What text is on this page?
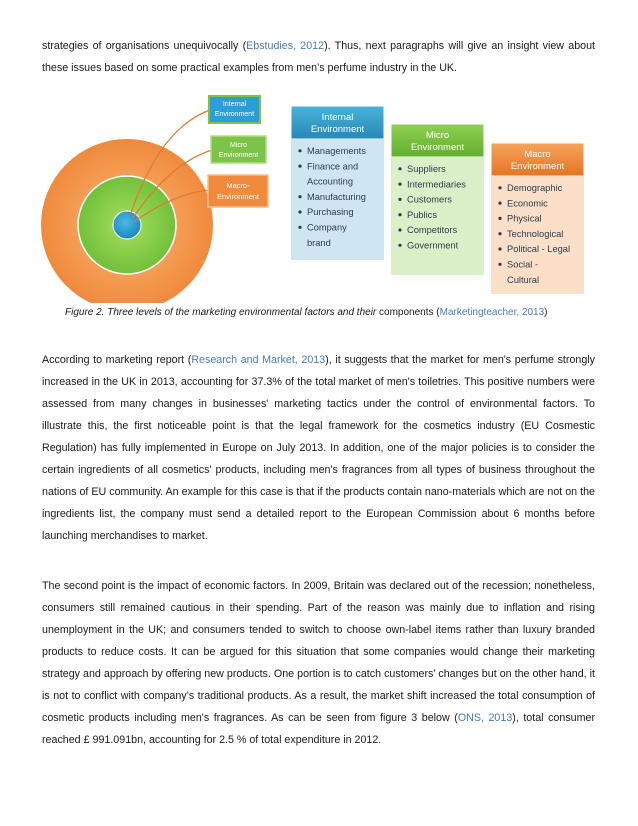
strategies of organisations unequivocally (Ebstudies, 2012). Thus, next paragraphs will give an insight view about these issues based on some practical examples from men’s perfume industry in the UK.

Internal
Environment
Micro
Environment
Macro-
Environment
Internal
Environment
Managements
Finance and
Accounting
Manufacturing
Purchasing
Company
brand
Micro
Environment
Suppliers
Intermediaries
Customers
Publics
Competitors
Government
Macro
Environment
Demographic
Economic
Physical
Technological
Political - Legal
Social -
Cultural

Figure 2. Three levels of the marketing environmental factors and their components (Marketingteacher, 2013)

According to marketing report (Research and Market, 2013), it suggests that the market for men's perfume strongly increased in the UK in 2013, accounting for 37.3% of the total market of men's toiletries. This positive numbers were assessed from many changes in businesses' marketing tactics under the control of environmental factors. To illustrate this, the first noticeable point is that the legal framework for the cosmetics industry (EU Cosmestic Regulation) has fully implemented in Europe on July 2013. In addition, one of the major policies is to consider the certain ingredients of all cosmetics' products, including men's fragrances from all types of business throughout the nations of EU community. An example for this case is that if the products contain nano-materials which are not on the ingredients list, the company must send a detailed report to the European Commission about 6 months before launching merchandises to market.

The second point is the impact of economic factors. In 2009, Britain was declared out of the recession; nonetheless, consumers still remained cautious in their spending. Part of the reason was mainly due to inflation and rising unemployment in the UK; and consumers tended to switch to choose own-label items rather than luxury branded products to reduce costs. It can be argued for this situation that some companies would change their marketing strategy and approach by offering new products. One portion is to catch customers’ changes but on the other hand, it is not to conflict with company’s traditional products. As a result, the market shift increased the total consumption of cosmetic products including men's fragrances. As can be seen from figure 3 below (ONS, 2013), total consumer reached £ 991.091bn, accounting for 2.5 % of total expenditure in 2012.
